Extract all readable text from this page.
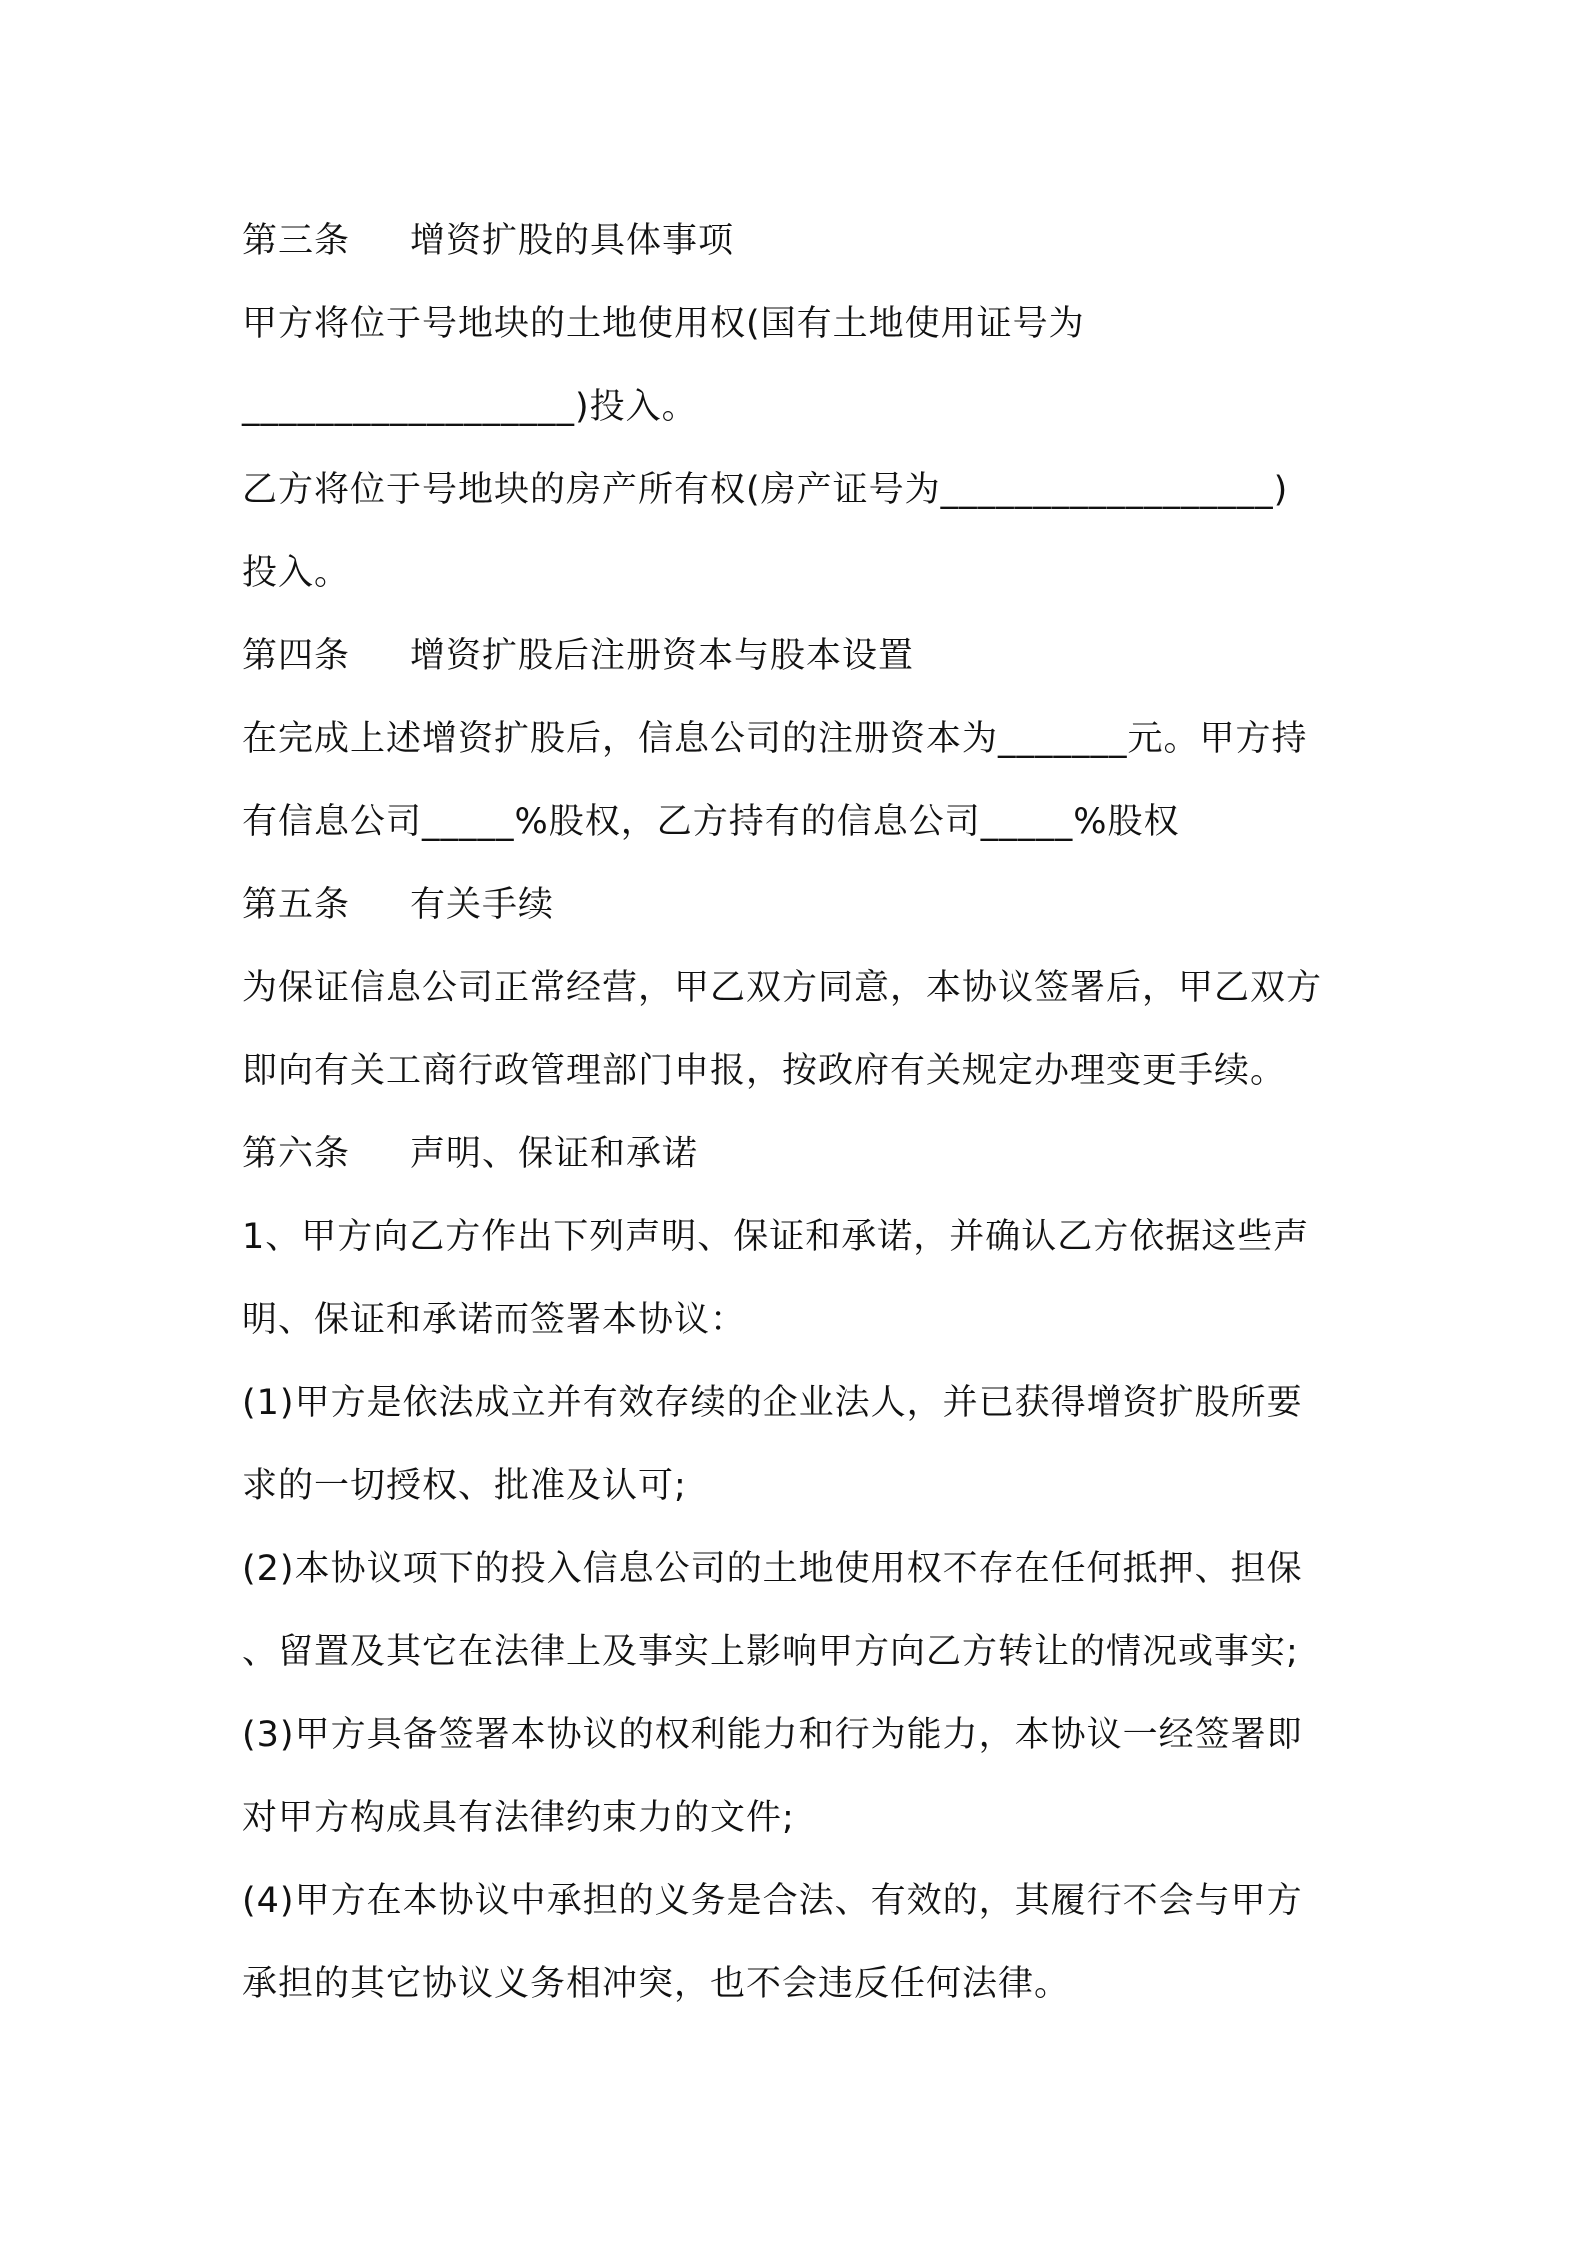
第三条 增资扩股的具体事项
甲方将位于号地块的土地使用权(国有土地使用证号为
__________________)投入。
乙方将位于号地块的房产所有权(房产证号为__________________)
投入。
第四条 增资扩股后注册资本与股本设置
在完成上述增资扩股后，信息公司的注册资本为_______元。甲方持
有信息公司_____%股权，乙方持有的信息公司_____%股权
第五条 有关手续
为保证信息公司正常经营，甲乙双方同意，本协议签署后，甲乙双方
即向有关工商行政管理部门申报，按政府有关规定办理变更手续。
第六条 声明、保证和承诺
1、甲方向乙方作出下列声明、保证和承诺，并确认乙方依据这些声
明、保证和承诺而签署本协议：
(1)甲方是依法成立并有效存续的企业法人，并已获得增资扩股所要
求的一切授权、批准及认可;
(2)本协议项下的投入信息公司的土地使用权不存在任何抵押、担保
、留置及其它在法律上及事实上影响甲方向乙方转让的情况或事实;
(3)甲方具备签署本协议的权利能力和行为能力，本协议一经签署即
对甲方构成具有法律约束力的文件;
(4)甲方在本协议中承担的义务是合法、有效的，其履行不会与甲方
承担的其它协议义务相冲突，也不会违反任何法律。
